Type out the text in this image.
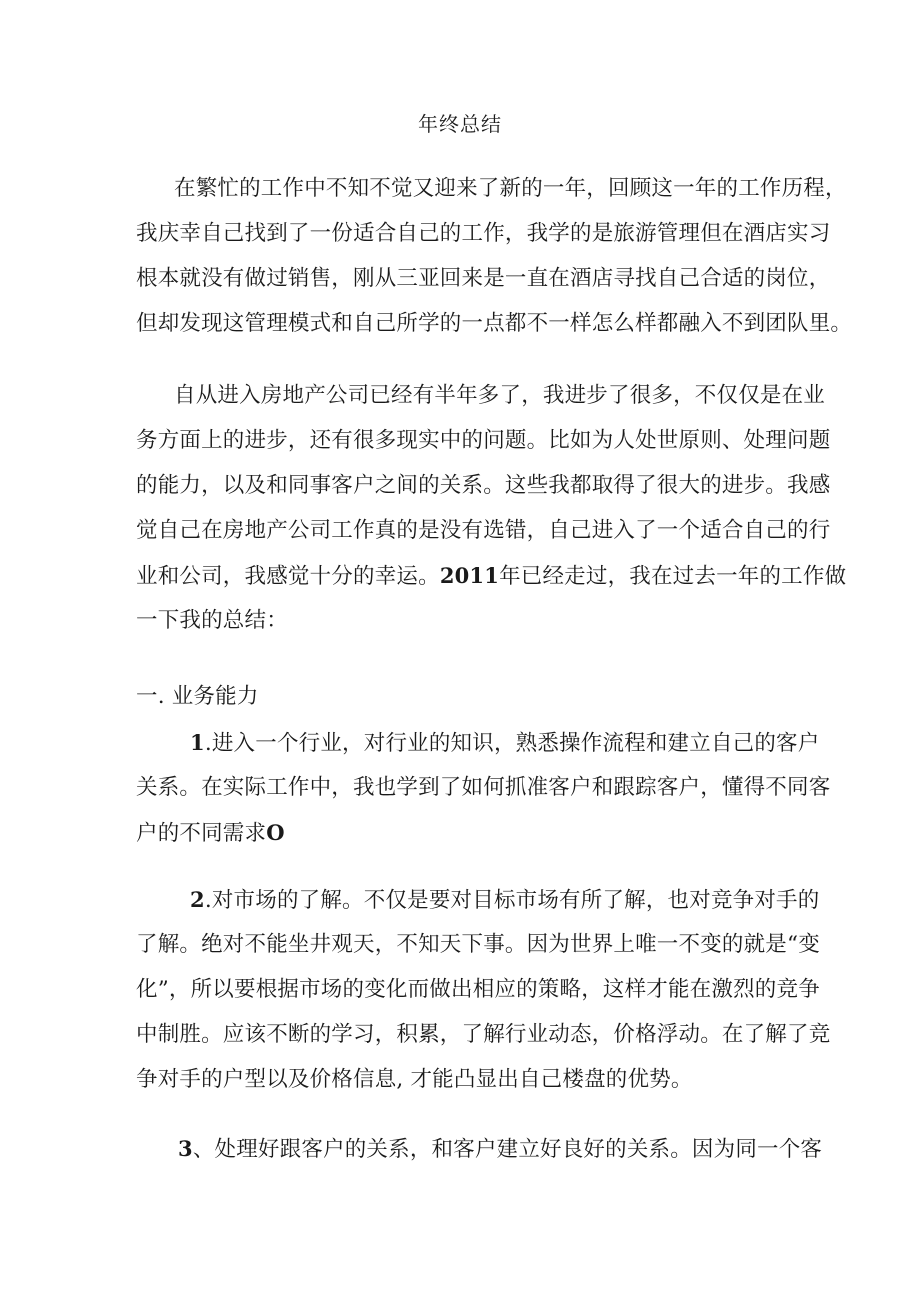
年终总结
在繁忙的工作中不知不觉又迎来了新的一年，回顾这一年的工作历程，
我庆幸自己找到了一份适合自己的工作，我学的是旅游管理但在酒店实习
根本就没有做过销售，刚从三亚回来是一直在酒店寻找自己合适的岗位，
但却发现这管理模式和自己所学的一点都不一样怎么样都融入不到团队里。
自从进入房地产公司已经有半年多了，我进步了很多，不仅仅是在业
务方面上的进步，还有很多现实中的问题。比如为人处世原则、处理问题
的能力，以及和同事客户之间的关系。这些我都取得了很大的进步。我感
觉自己在房地产公司工作真的是没有选错，自己进入了一个适合自己的行
业和公司，我感觉十分的幸运。2011年已经走过，我在过去一年的工作做
一下我的总结：
一. 业务能力
1.进入一个行业，对行业的知识，熟悉操作流程和建立自己的客户
关系。在实际工作中，我也学到了如何抓准客户和跟踪客户，懂得不同客
户的不同需求O
2.对市场的了解。不仅是要对目标市场有所了解，也对竞争对手的
了解。绝对不能坐井观天，不知天下事。因为世界上唯一不变的就是“变
化”，所以要根据市场的变化而做出相应的策略，这样才能在激烈的竞争
中制胜。应该不断的学习，积累，了解行业动态，价格浮动。在了解了竞
争对手的户型以及价格信息, 才能凸显出自己楼盘的优势。
3、处理好跟客户的关系，和客户建立好良好的关系。因为同一个客
